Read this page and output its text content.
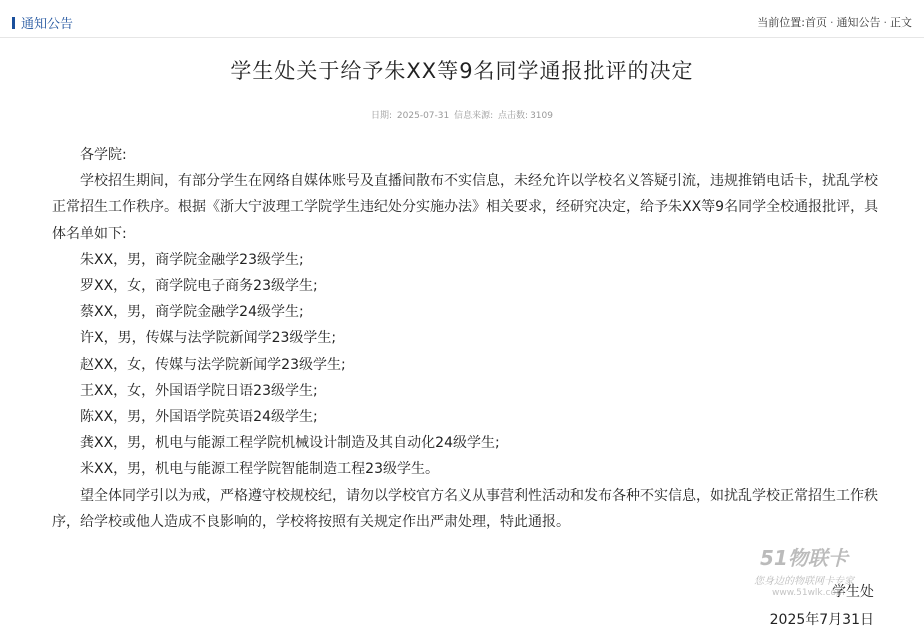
通知公告	当前位置: 首页 · 通知公告 · 正文
学生处关于给予朱XX等9名同学通报批评的决定
日期: 2025-07-31 信息来源: 点击数: 3109

各学院:

学校招生期间，有部分学生在网络自媒体账号及直播间散布不实信息，未经允许以学校名义答疑引流，违规推销电话卡，扰乱学校正常招生工作秩序。根据《浙大宁波理工学院学生违纪处分实施办法》相关要求，经研究决定，给予朱XX等9名同学全校通报批评，具体名单如下:

朱XX，男，商学院金融学23级学生;

罗XX，女，商学院电子商务23级学生;

蔡XX，男，商学院金融学24级学生;

许X，男，传媒与法学院新闻学23级学生;

赵XX，女，传媒与法学院新闻学23级学生;

王XX，女，外国语学院日语23级学生;

陈XX，男，外国语学院英语24级学生;

龚XX，男，机电与能源工程学院机械设计制造及其自动化24级学生;

米XX，男，机电与能源工程学院智能制造工程23级学生。

望全体同学引以为戒，严格遵守校规校纪，请勿以学校官方名义从事营利性活动和发布各种不实信息，如扰乱学校正常招生工作秩序，给学校或他人造成不良影响的，学校将按照有关规定作出严肃处理，特此通报。

51物联卡
您身边的物联网卡专家
www.51wlk.com
学生处
2025年7月31日
